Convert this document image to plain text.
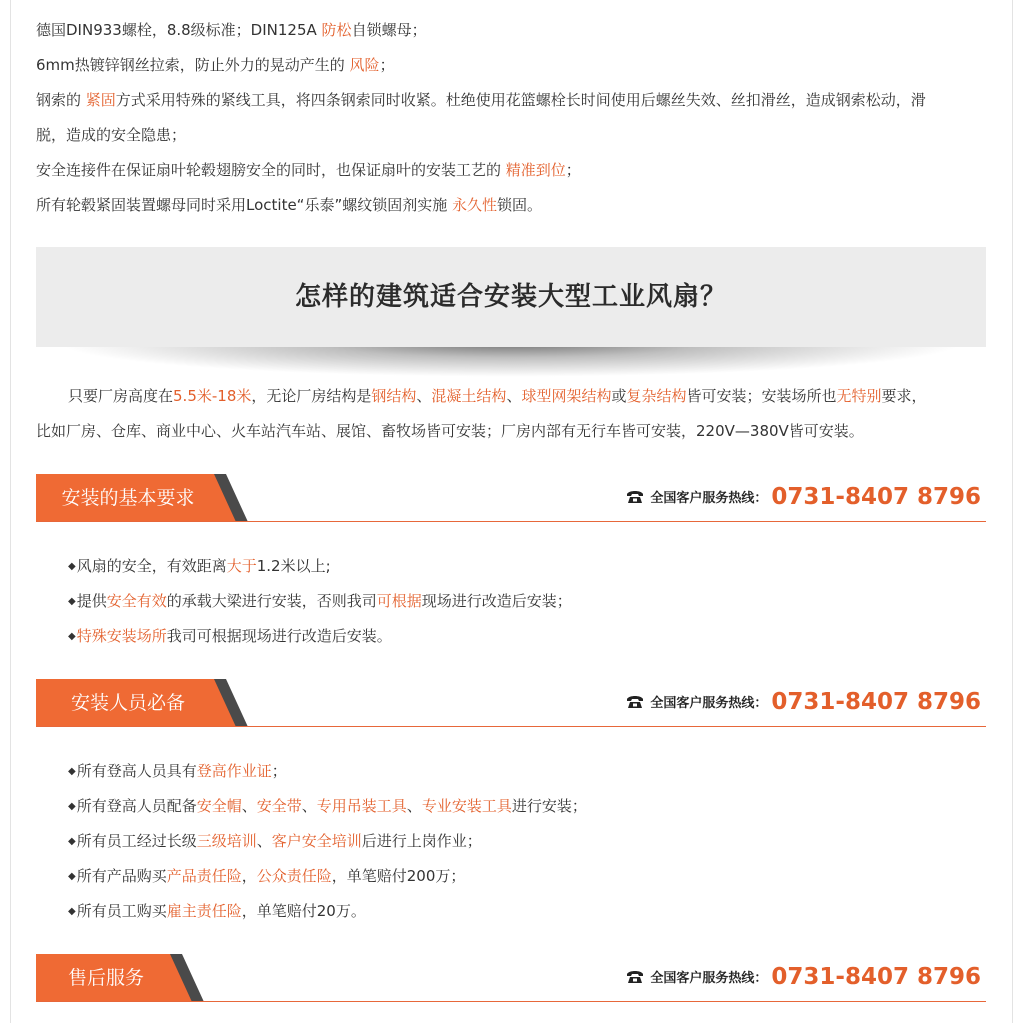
德国DIN933螺栓，8.8级标准；DIN125A 防松自锁螺母；
6mm热镀锌钢丝拉索，防止外力的晃动产生的 风险；
钢索的 紧固方式采用特殊的紧线工具，将四条钢索同时收紧。杜绝使用花篮螺栓长时间使用后螺丝失效、丝扣滑丝，造成钢索松动，滑
脱，造成的安全隐患；
安全连接件在保证扇叶轮毂翅膀安全的同时，也保证扇叶的安装工艺的 精准到位；
所有轮毂紧固装置螺母同时采用Loctite“乐泰”螺纹锁固剂实施 永久性锁固。
怎样的建筑适合安装大型工业风扇？
只要厂房高度在5.5米-18米，无论厂房结构是钢结构、混凝土结构、球型网架结构或复杂结构皆可安装；安装场所也无特别要求，
比如厂房、仓库、商业中心、火车站汽车站、展馆、畜牧场皆可安装；厂房内部有无行车皆可安装，220V—380V皆可安装。
安装的基本要求	全国客户服务热线： 0731-8407 8796
◆风扇的安全，有效距离大于1.2米以上;
◆提供安全有效的承载大梁进行安装，否则我司可根据现场进行改造后安装；
◆特殊安装场所我司可根据现场进行改造后安装。
安装人员必备	全国客户服务热线： 0731-8407 8796
◆所有登高人员具有登高作业证；
◆所有登高人员配备安全帽、安全带、专用吊装工具、专业安装工具进行安装；
◆所有员工经过长级三级培训、客户安全培训后进行上岗作业；
◆所有产品购买产品责任险，公众责任险，单笔赔付200万；
◆所有员工购买雇主责任险，单笔赔付20万。
售后服务	全国客户服务热线： 0731-8407 8796
